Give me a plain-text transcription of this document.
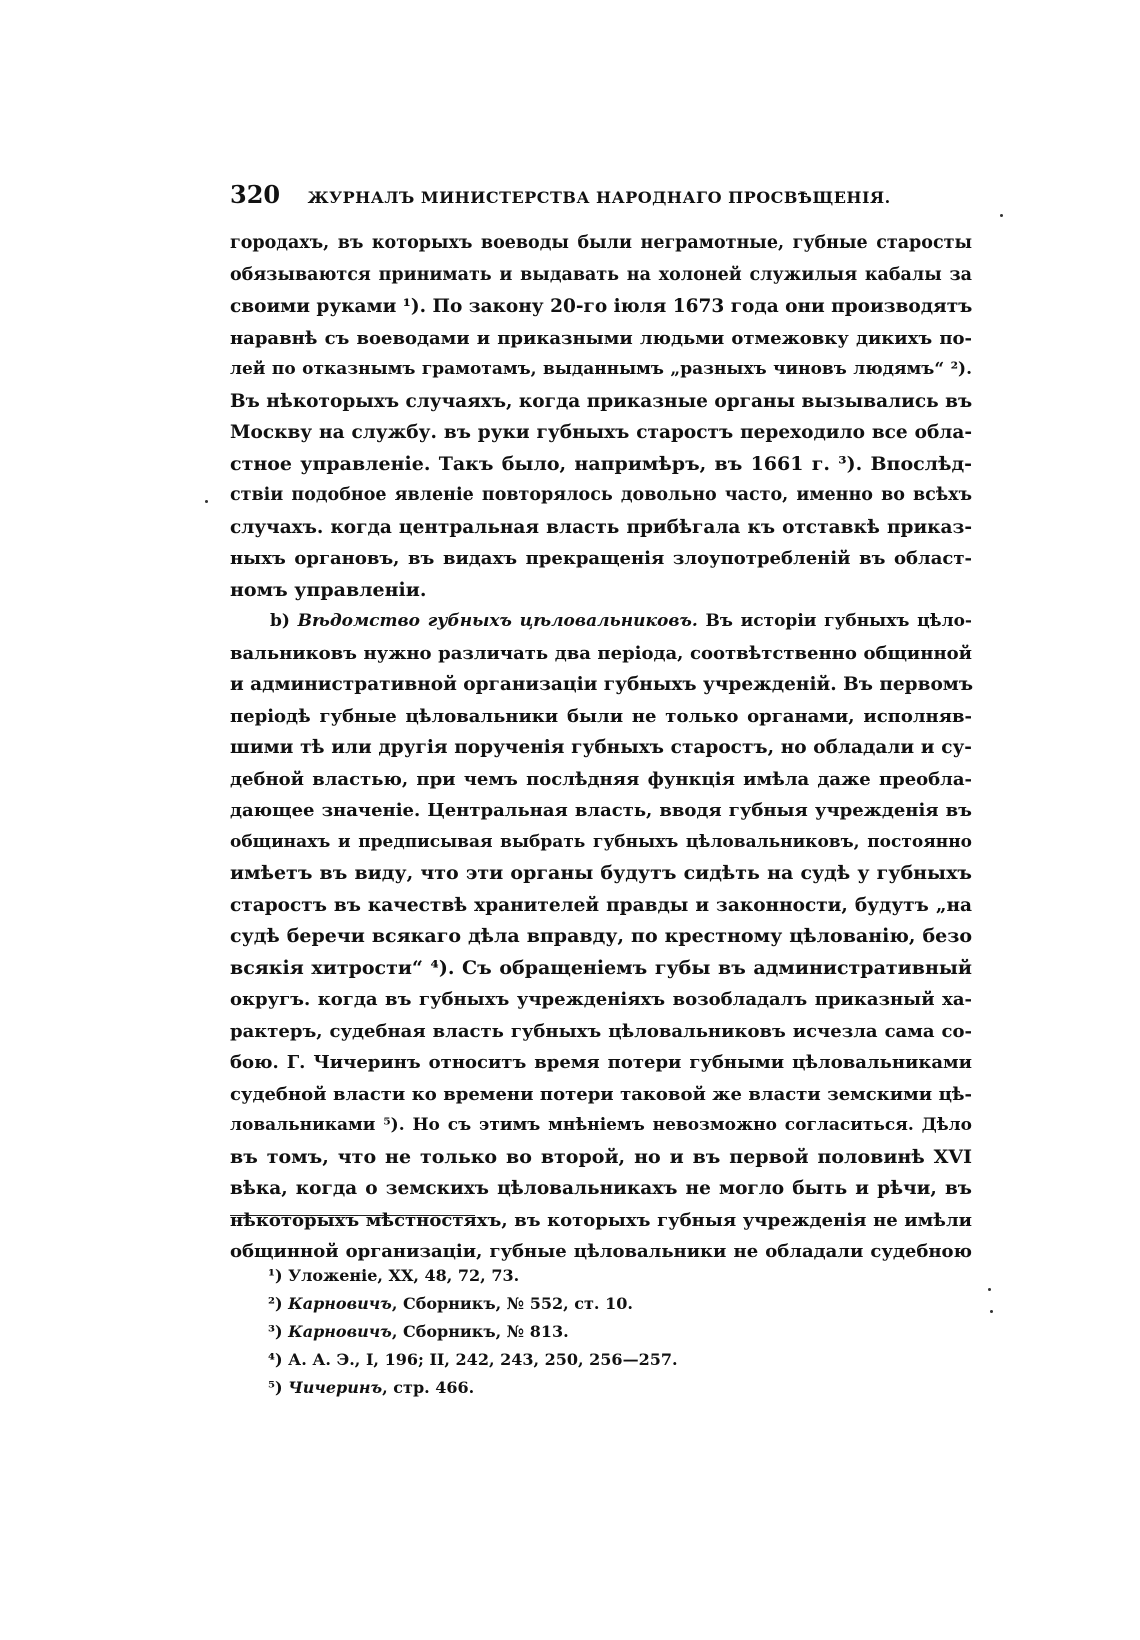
320 ЖУРНАЛЪ МИНИСТЕРСТВА НАРОДНАГО ПРОСВѢЩЕНІЯ.
городахъ, въ которыхъ воеводы были неграмотные, губные старосты
обязываются принимать и выдавать на холоней служилыя кабалы за
своими руками ¹). По закону 20-го іюля 1673 года они производятъ
наравнѣ съ воеводами и приказными людьми отмежовку дикихъ по-
лей по отказнымъ грамотамъ, выданнымъ „разныхъ чиновъ людямъ“ ²).
Въ нѣкоторыхъ случаяхъ, когда приказные органы вызывались въ
Москву на службу. въ руки губныхъ старостъ переходило все обла-
стное управленіе. Такъ было, напримѣръ, въ 1661 г. ³). Впослѣд-
ствіи подобное явленіе повторялось довольно часто, именно во всѣхъ
случахъ. когда центральная власть прибѣгала къ отставкѣ приказ-
ныхъ органовъ, въ видахъ прекращенія злоупотребленій въ област-
номъ управленіи.
b) Вѣдомство губныхъ цѣловальниковъ. Въ исторіи губныхъ цѣло-
вальниковъ нужно различать два періода, соотвѣтственно общинной
и административной организаціи губныхъ учрежденій. Въ первомъ
періодѣ губные цѣловальники были не только органами, исполняв-
шими тѣ или другія порученія губныхъ старостъ, но обладали и су-
дебной властью, при чемъ послѣдняя функція имѣла даже преобла-
дающее значеніе. Центральная власть, вводя губныя учрежденія въ
общинахъ и предписывая выбрать губныхъ цѣловальниковъ, постоянно
имѣетъ въ виду, что эти органы будутъ сидѣть на судѣ у губныхъ
старостъ въ качествѣ хранителей правды и законности, будутъ „на
судѣ беречи всякаго дѣла вправду, по крестному цѣлованію, безо
всякія хитрости“ ⁴). Съ обращеніемъ губы въ административный
округъ. когда въ губныхъ учрежденіяхъ возобладалъ приказный ха-
рактеръ, судебная власть губныхъ цѣловальниковъ исчезла сама со-
бою. Г. Чичеринъ относитъ время потери губными цѣловальниками
судебной власти ко времени потери таковой же власти земскими цѣ-
ловальниками ⁵). Но съ этимъ мнѣніемъ невозможно согласиться. Дѣло
въ томъ, что не только во второй, но и въ первой половинѣ XVI
вѣка, когда о земскихъ цѣловальникахъ не могло быть и рѣчи, въ
нѣкоторыхъ мѣстностяхъ, въ которыхъ губныя учрежденія не имѣли
общинной организаціи, губные цѣловальники не обладали судебною
¹) Уложеніе, XX, 48, 72, 73.
²) Карновичъ, Сборникъ, № 552, ст. 10.
³) Карновичъ, Сборникъ, № 813.
⁴) А. А. Э., I, 196; II, 242, 243, 250, 256—257.
⁵) Чичеринъ, стр. 466.
